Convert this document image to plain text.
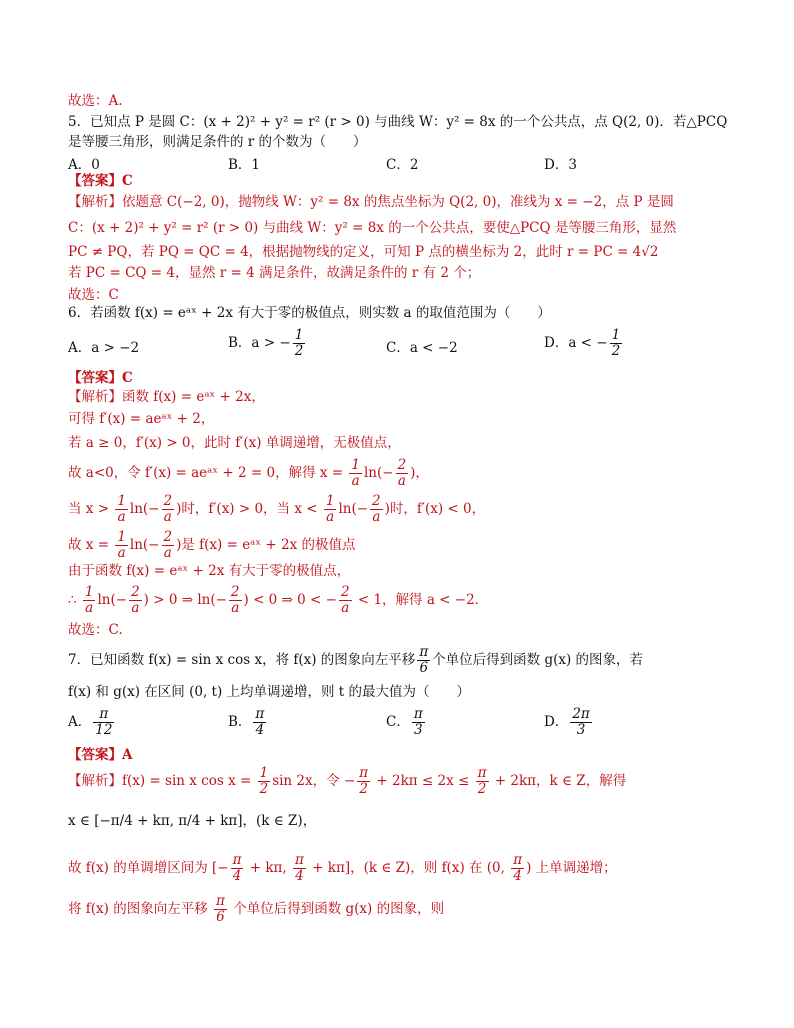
故选：A.
5．已知点 P 是圆 C：(x + 2)² + y² = r² (r > 0) 与曲线 W：y² = 8x 的一个公共点，点 Q(2, 0)．若△PCQ
是等腰三角形，则满足条件的 r 的个数为（　　）
A．0	B．1	C．2	D．3
【答案】C
【解析】依题意 C(−2, 0)，抛物线 W：y² = 8x 的焦点坐标为 Q(2, 0)，准线为 x = −2，点 P 是圆
C：(x + 2)² + y² = r² (r > 0) 与曲线 W：y² = 8x 的一个公共点，要使△PCQ 是等腰三角形，显然
PC ≠ PQ，若 PQ = QC = 4，根据抛物线的定义，可知 P 点的横坐标为 2，此时 r = PC = 4√2
若 PC = CQ = 4，显然 r = 4 满足条件，故满足条件的 r 有 2 个；
故选：C
6．若函数 f(x) = eᵃˣ + 2x 有大于零的极值点，则实数 a 的取值范围为（　　）
A．a > −2	B．a > − $\frac{1}{2}$	C．a < −2	D．a < − $\frac{1}{2}$
【答案】C
【解析】函数 f(x) = eᵃˣ + 2x，
可得 f′(x) = aeᵃˣ + 2，
若 a ≥ 0，f′(x) > 0，此时 f′(x) 单调递增，无极值点，
故 a<0，令 f′(x) = aeᵃˣ + 2 = 0，解得 $x = \frac{1}{a} \ln(- \frac{2}{a}$ )，
当 $x > \frac{1}{a} \ln(- \frac{2}{a}$ )时，f′(x) > 0，当 $x < \frac{1}{a} \ln(- \frac{2}{a}$ )时，f′(x) < 0，
故 $x = \frac{1}{a} \ln(- \frac{2}{a}$ )是 f(x) = eᵃˣ + 2x 的极值点
由于函数 f(x) = eᵃˣ + 2x 有大于零的极值点，
∴ $\frac{1}{a} \ln(- \frac{2}{a}$ ) > 0 ⇒ $\ln(- \frac{2}{a}$ ) < 0 ⇒ 0 < − $\frac{2}{a} < 1$，解得 a < −2．
故选：C.
7．已知函数 f(x) = sin x cos x，将 f(x) 的图象向左平移 $\frac{\pi}{6}$ 个单位后得到函数 g(x) 的图象，若
f(x) 和 g(x) 在区间 (0, t) 上均单调递增，则 t 的最大值为（　　）
A． $\frac{\pi}{12}$	B． $\frac{\pi}{4}$	C． $\frac{\pi}{3}$	D． $\frac{2\pi}{3}$
【答案】A
【解析】f(x) = sin x $\cos x = \frac{1}{2}$ sin 2x，令 − $\frac{\pi}{2} + 2k\pi \le 2x \le \frac{\pi}{2} + 2k\pi$，k ∈ Z，解得
x ∈ [−π/4 + kπ, π/4 + kπ]，(k ∈ Z)，
故 f(x) 的单调增区间为 [− $\frac{\pi}{4} + k\pi$, $\frac{\pi}{4} + k\pi$]，(k ∈ Z)，则 f(x) 在 (0, $\frac{\pi}{4}$ ) 上单调递增；
将 f(x) 的图象向左平移 $\frac{\pi}{6}$ 个单位后得到函数 g(x) 的图象，则
